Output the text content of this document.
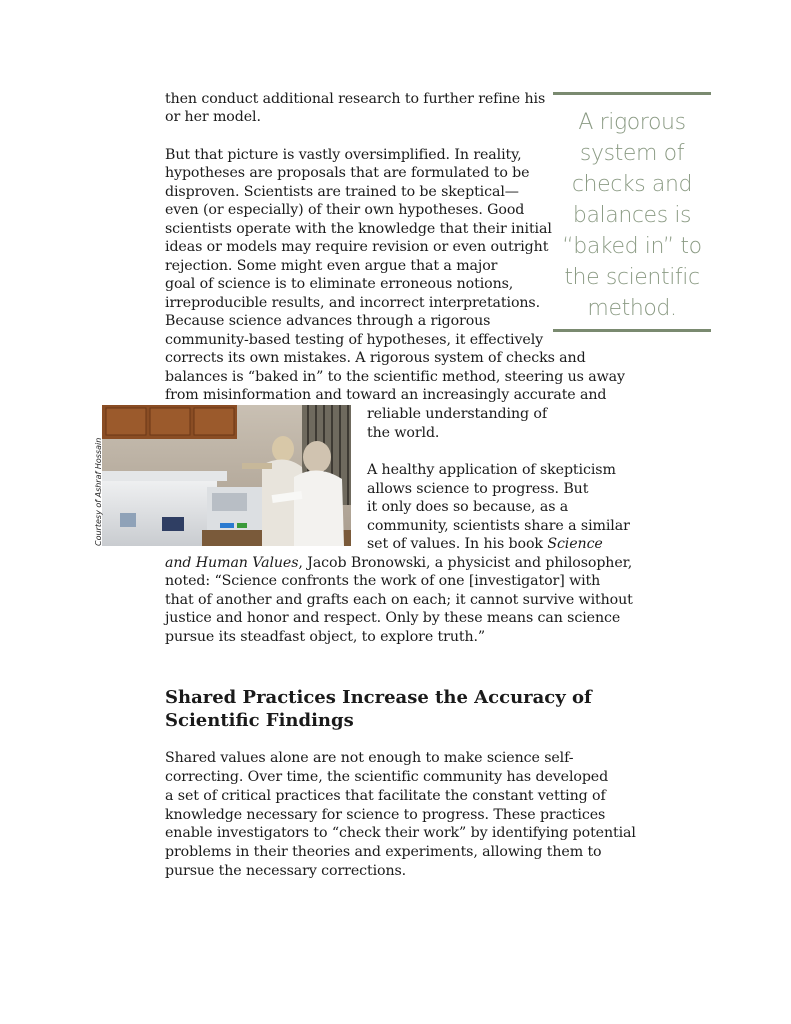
A rigorous
system of
checks and
balances is
“baked in” to
the scientific
method.
then conduct additional research to further refine his
or her model.
But that picture is vastly oversimplified. In reality,
hypotheses are proposals that are formulated to be
disproven. Scientists are trained to be skeptical—
even (or especially) of their own hypotheses. Good
scientists operate with the knowledge that their initial
ideas or models may require revision or even outright
rejection. Some might even argue that a major
goal of science is to eliminate erroneous notions,
irreproducible results, and incorrect interpretations.
Because science advances through a rigorous
community-based testing of hypotheses, it effectively
corrects its own mistakes. A rigorous system of checks and
balances is “baked in” to the scientific method, steering us away
from misinformation and toward an increasingly accurate and
reliable understanding of
the world.
Courtesy of Ashraf Hossain	A healthy application of skepticism
allows science to progress. But
it only does so because, as a
community, scientists share a similar
set of values. In his book Science
and Human Values, Jacob Bronowski, a physicist and philosopher,
noted: “Science confronts the work of one [investigator] with
that of another and grafts each on each; it cannot survive without
justice and honor and respect. Only by these means can science
pursue its steadfast object, to explore truth.”
Shared Practices Increase the Accuracy of
Scientific Findings
Shared values alone are not enough to make science self-
correcting. Over time, the scientific community has developed
a set of critical practices that facilitate the constant vetting of
knowledge necessary for science to progress. These practices
enable investigators to “check their work” by identifying potential
problems in their theories and experiments, allowing them to
pursue the necessary corrections.
